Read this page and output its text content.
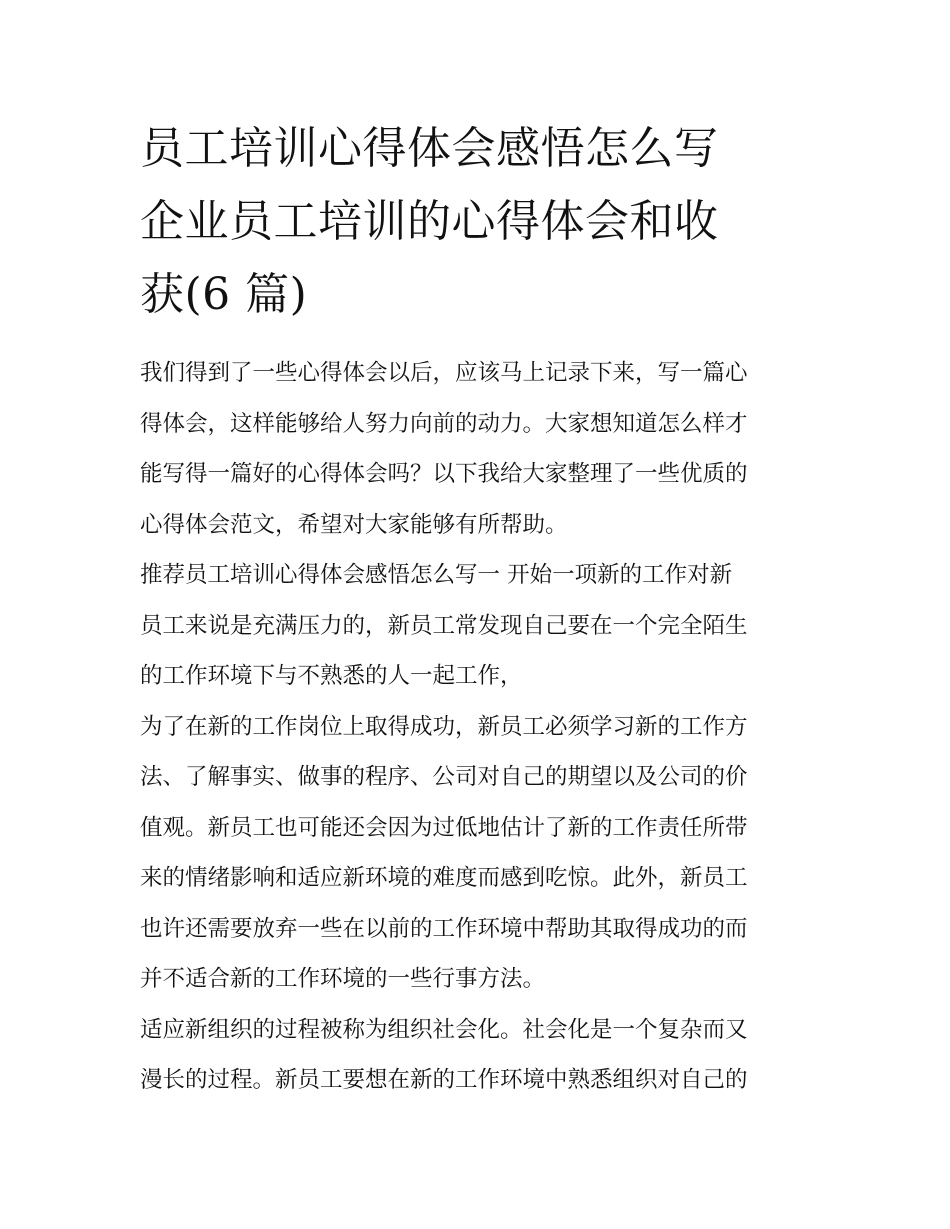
员工培训心得体会感悟怎么写
企业员工培训的心得体会和收
获(6 篇)

我们得到了一些心得体会以后，应该马上记录下来，写一篇心
得体会，这样能够给人努力向前的动力。大家想知道怎么样才
能写得一篇好的心得体会吗？以下我给大家整理了一些优质的
心得体会范文，希望对大家能够有所帮助。

推荐员工培训心得体会感悟怎么写一 开始一项新的工作对新
员工来说是充满压力的，新员工常发现自己要在一个完全陌生
的工作环境下与不熟悉的人一起工作，

为了在新的工作岗位上取得成功，新员工必须学习新的工作方
法、了解事实、做事的程序、公司对自己的期望以及公司的价
值观。新员工也可能还会因为过低地估计了新的工作责任所带
来的情绪影响和适应新环境的难度而感到吃惊。此外，新员工
也许还需要放弃一些在以前的工作环境中帮助其取得成功的而
并不适合新的工作环境的一些行事方法。

适应新组织的过程被称为组织社会化。社会化是一个复杂而又
漫长的过程。新员工要想在新的工作环境中熟悉组织对自己的
